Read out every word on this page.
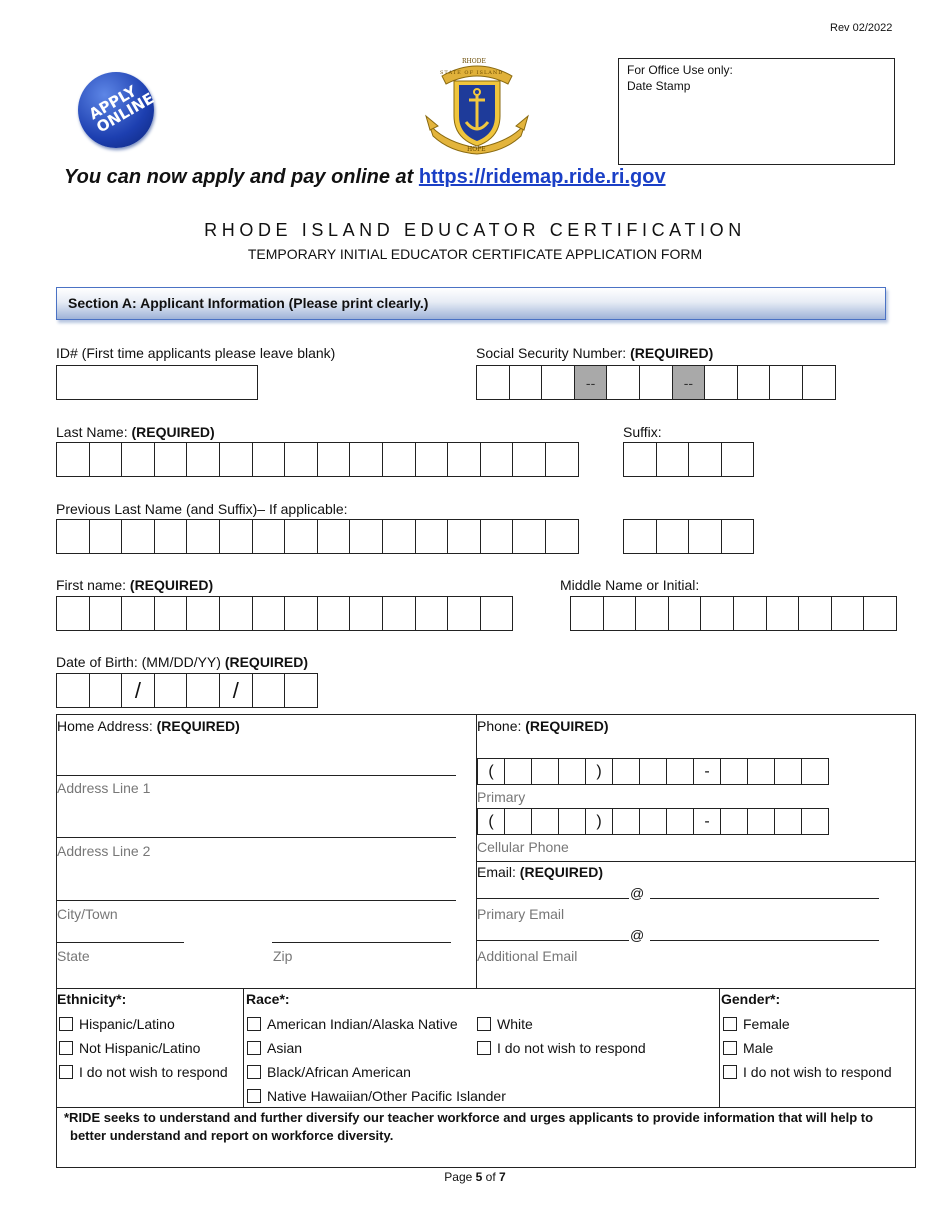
Rev 02/2022
APPLY ONLINE
RHODE
STATE OF ISLAND
HOPE
For Office Use only:
Date Stamp
You can now apply and pay online at https://ridemap.ride.ri.gov
RHODE ISLAND EDUCATOR CERTIFICATION
TEMPORARY INITIAL EDUCATOR CERTIFICATE APPLICATION FORM
Section A: Applicant Information (Please print clearly.)
ID# (First time applicants please leave blank)	Social Security Number: (REQUIRED)
--	--
Last Name: (REQUIRED)	Suffix:
Previous Last Name (and Suffix)– If applicable:
First name: (REQUIRED)	Middle Name or Initial:
Date of Birth: (MM/DD/YY) (REQUIRED)
/	/
Home Address: (REQUIRED)
Address Line 1
Address Line 2
City/Town
State	Zip
Phone: (REQUIRED)
(	)	-
Primary
(	)	-
Cellular Phone
Email: (REQUIRED)
@
Primary Email
@
Additional Email
Ethnicity*:
Hispanic/Latino
Not Hispanic/Latino
I do not wish to respond
Race*:
American Indian/Alaska Native
Asian
Black/African American
Native Hawaiian/Other Pacific Islander
White
I do not wish to respond
Gender*:
Female
Male
I do not wish to respond
*RIDE seeks to understand and further diversify our teacher workforce and urges applicants to provide information that will help to better understand and report on workforce diversity.
Page 5 of 7
